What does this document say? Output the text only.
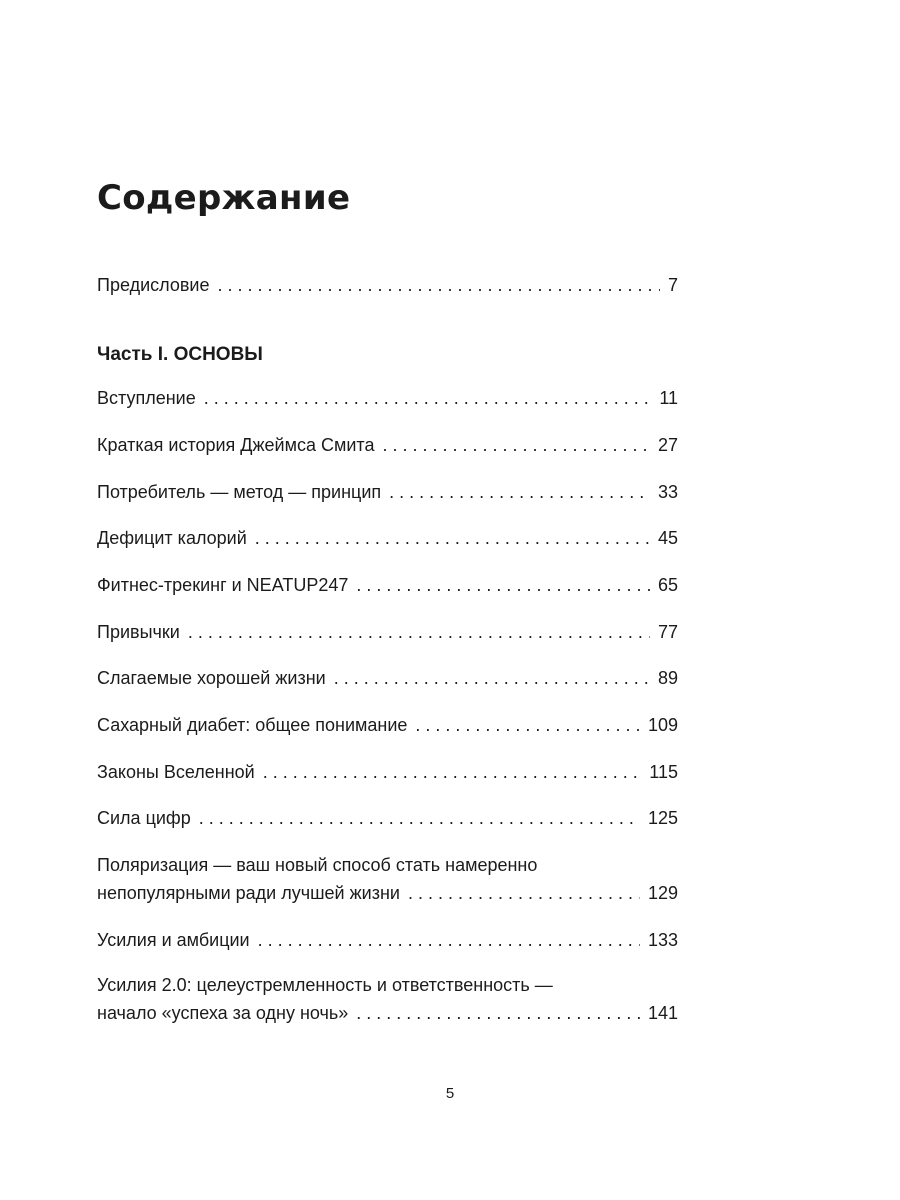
Содержание
Предисловие . . .	7
Часть I. ОСНОВЫ
Вступление . . .	11
Краткая история Джеймса Смита . . .	27
Потребитель — метод — принцип . . .	33
Дефицит калорий . . .	45
Фитнес-трекинг и NEATUP247 . . .	65
Привычки . . .	77
Слагаемые хорошей жизни . . .	89
Сахарный диабет: общее понимание . . .	109
Законы Вселенной . . .	115
Сила цифр . . .	125
Поляризация — ваш новый способ стать намеренно
непопулярными ради лучшей жизни . . .	129
Усилия и амбиции . . .	133
Усилия 2.0: целеустремленность и ответственность —
начало «успеха за одну ночь» . . .	141
5
